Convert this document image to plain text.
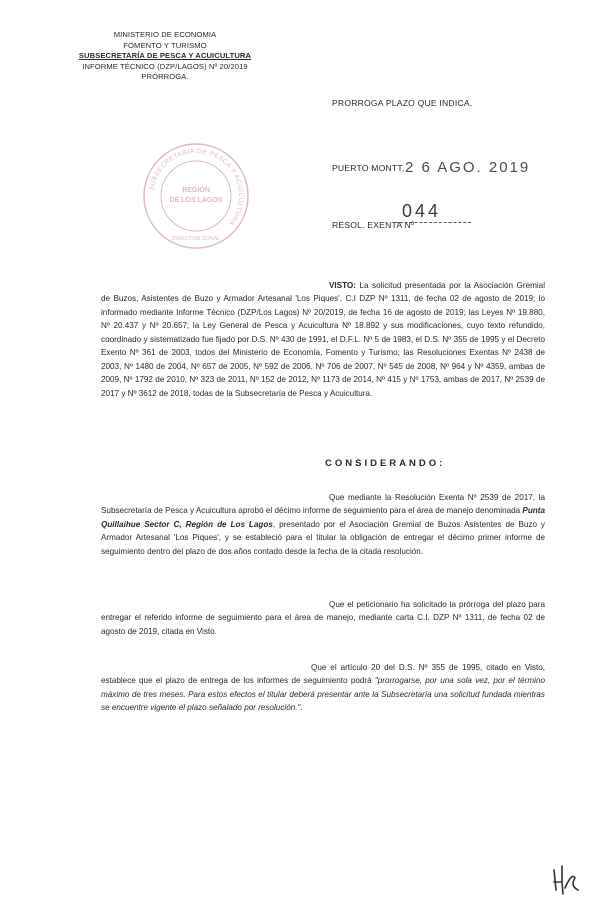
MINISTERIO DE ECONOMIA
FOMENTO Y TURISMO
SUBSECRETARÍA DE PESCA Y ACUICULTURA
INFORME TÉCNICO (DZP/LAGOS) Nº 20/2019
PRÓRROGA.
SUBSECRETARIA DE PESCA Y ACUICULTURA
REGIÓN
DE LOS LAGOS
DIRECTOR ZONAL
PRORROGA PLAZO QUE INDICA.
PUERTO MONTT, 2 6 AGO. 2019
RESOL. EXENTA Nº
044

VISTO: La solicitud presentada por la Asociación Gremial de Buzos, Asistentes de Buzo y Armador Artesanal 'Los Piques', C.I DZP Nº 1311, de fecha 02 de agosto de 2019; lo informado mediante Informe Técnico (DZP/Los Lagos) Nº 20/2019, de fecha 16 de agosto de 2019; las Leyes Nº 19.880, Nº 20.437 y Nº 20.657; la Ley General de Pesca y Acuicultura Nº 18.892 y sus modificaciones, cuyo texto refundido, coordinado y sistematizado fue fijado por D.S. Nº 430 de 1991, el D.F.L. Nº 5 de 1983, el D.S. Nº 355 de 1995 y el Decreto Exento Nº 361 de 2003, todos del Ministerio de Economía, Fomento y Turismo; las Resoluciones Exentas Nº 2438 de 2003, Nº 1480 de 2004, Nº 657 de 2005, Nº 592 de 2006, Nº 706 de 2007, Nº 545 de 2008, Nº 964 y Nº 4359, ambas de 2009, Nº 1792 de 2010, Nº 323 de 2011, Nº 152 de 2012, Nº 1173 de 2014, Nº 415 y Nº 1753, ambas de 2017, Nº 2539 de 2017 y Nº 3612 de 2018, todas de la Subsecretaría de Pesca y Acuicultura.

CONSIDERANDO:

Que mediante la Resolución Exenta Nº 2539 de 2017, la Subsecretaría de Pesca y Acuicultura aprobó el décimo informe de seguimiento para el área de manejo denominada Punta Quillaihue Sector C, Región de Los Lagos, presentado por el Asociación Gremial de Buzos Asistentes de Buzo y Armador Artesanal 'Los Piques', y se estableció para el titular la obligación de entregar el décimo primer informe de seguimiento dentro del plazo de dos años contado desde la fecha de la citada resolución.

Que el peticionario ha solicitado la prórroga del plazo para entregar el referido informe de seguimiento para el área de manejo, mediante carta C.I. DZP Nº 1311, de fecha 02 de agosto de 2019, citada en Visto.

Que el artículo 20 del D.S. Nº 355 de 1995, citado en Visto, establece que el plazo de entrega de los informes de seguimiento podrá "prorrogarse, por una sola vez, por el término máximo de tres meses. Para estos efectos el titular deberá presentar ante la Subsecretaría una solicitud fundada mientras se encuentre vigente el plazo señalado por resolución.".
